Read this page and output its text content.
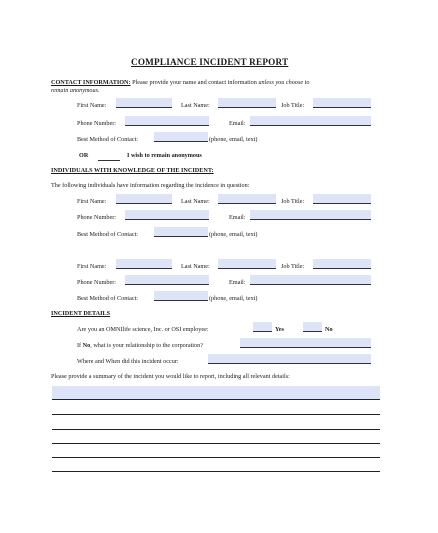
COMPLIANCE INCIDENT REPORT
CONTACT INFORMATION: Please provide your name and contact information unless you choose to
remain anonymous.
First Name:	Last Name:	Job Title:
Phone Number:	Email:
Best Method of Contact:	(phone, email, text)
OR	I wish to remain anonymous
INDIVIDUALS WITH KNOWLEDGE OF THE INCIDENT:
The following individuals have information regarding the incidence in question:
First Name:	Last Name:	Job Title:
Phone Number:	Email:
Best Method of Contact:	(phone, email, text)
First Name:	Last Name:	Job Title:
Phone Number:	Email:
Best Method of Contact:	(phone, email, text)
INCIDENT DETAILS
Are you an OMNIlife science, Inc. or OSI employee:	Yes	No
If No, what is your relationship to the corporation?
Where and When did this incident occur:
Please provide a summary of the incident you would like to report, including all relevant details:
